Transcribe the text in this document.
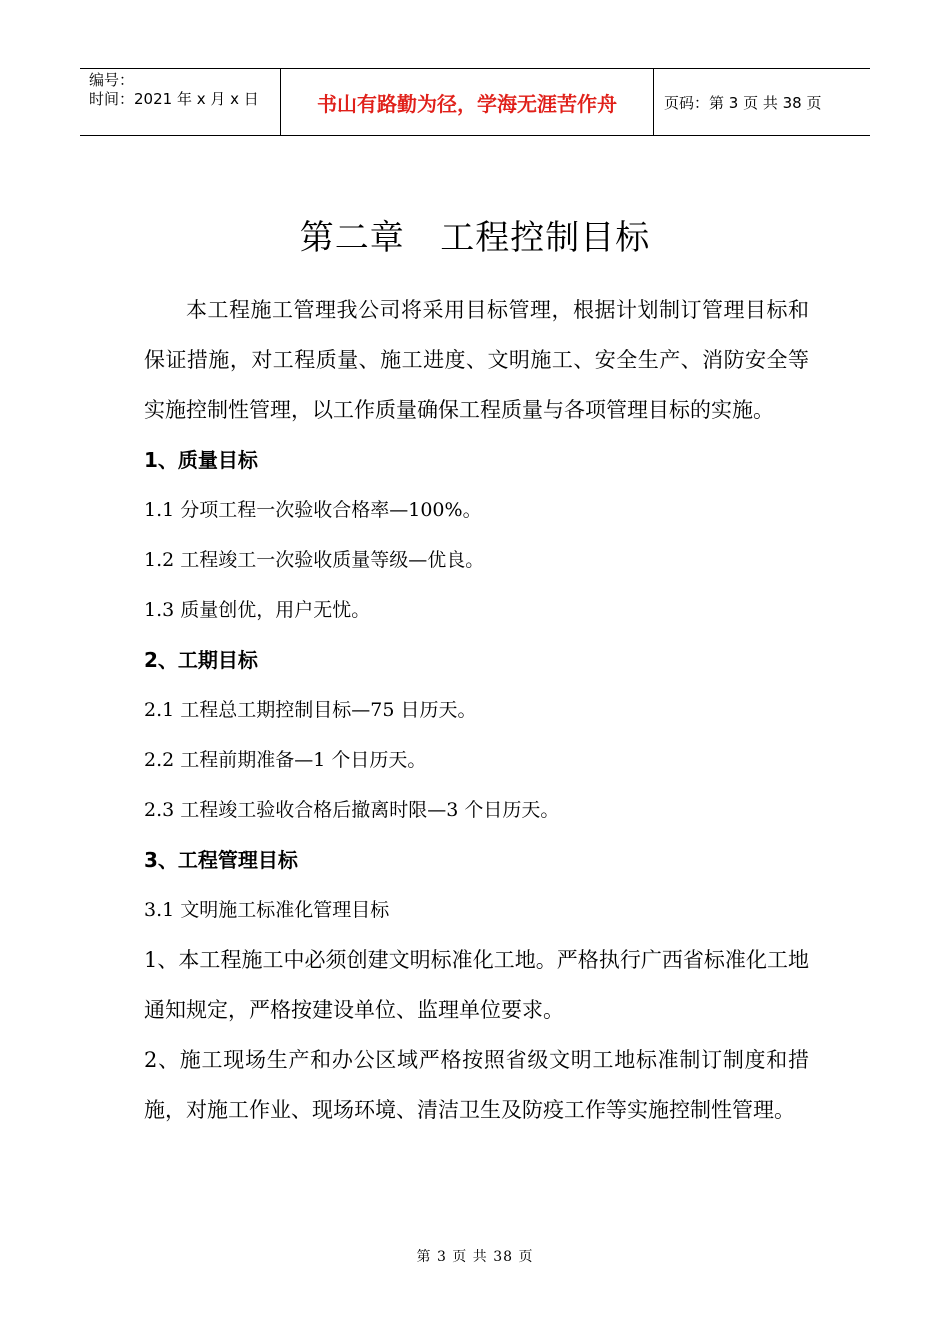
编号：
时间：2021 年 x 月 x 日	书山有路勤为径，学海无涯苦作舟	页码：第 3 页 共 38 页
第二章   工程控制目标

本工程施工管理我公司将采用目标管理，根据计划制订管理目标和保证措施，对工程质量、施工进度、文明施工、安全生产、消防安全等实施控制性管理，以工作质量确保工程质量与各项管理目标的实施。

1、质量目标

1.1 分项工程一次验收合格率—100%。

1.2 工程竣工一次验收质量等级—优良。

1.3 质量创优，用户无忧。

2、工期目标

2.1 工程总工期控制目标—75 日历天。

2.2 工程前期准备—1 个日历天。

2.3 工程竣工验收合格后撤离时限—3 个日历天。

3、工程管理目标

3.1 文明施工标准化管理目标

1、本工程施工中必须创建文明标准化工地。严格执行广西省标准化工地通知规定，严格按建设单位、监理单位要求。

2、施工现场生产和办公区域严格按照省级文明工地标准制订制度和措施，对施工作业、现场环境、清洁卫生及防疫工作等实施控制性管理。

第 3 页 共 38 页
